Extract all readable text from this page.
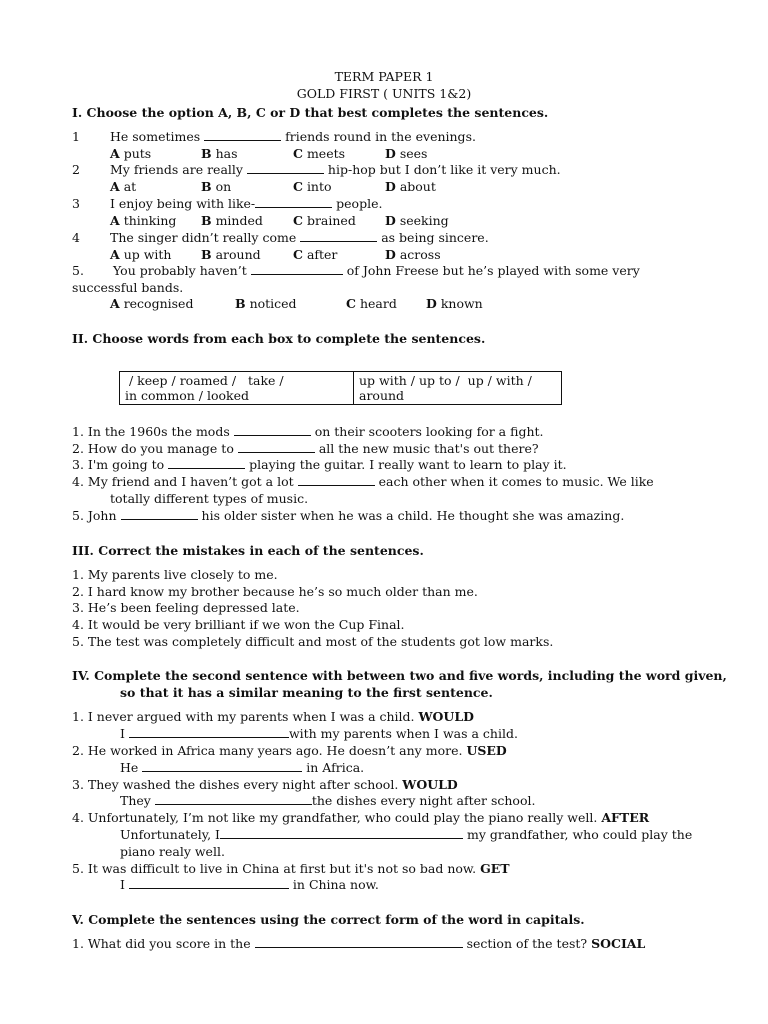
TERM PAPER 1
GOLD FIRST ( UNITS 1&2)
I. Choose the option A, B, C or D that best completes the sentences.
1 He sometimes	friends round in the evenings.
A puts	B has	C meets	D sees
2 My friends are really	hip-hop but I don’t like it very much.
A at	B on	C into	D about
3 I enjoy being with like-	people.
A thinking B minded C brained D seeking
4 The singer didn’t really come	as being sincere.
A up with B around	C after	D across
5. You probably haven’t	of John Freese but he’s played with some very
successful bands.
A recognised	B noticed	C heard D known
II. Choose words from each box to complete the sentences.
/ keep / roamed /   take /
in common / looked

up with / up to /  up / with /
around
1. In the 1960s the mods	on their scooters looking for a fight.
2. How do you manage to	all the new music that's out there?
3. I'm going to	playing the guitar. I really want to learn to play it.
4. My friend and I haven’t got a lot	each other when it comes to music. We like
totally different types of music.
5. John	his older sister when he was a child. He thought she was amazing.
III. Correct the mistakes in each of the sentences.
1. My parents live closely to me.
2. I hard know my brother because he’s so much older than me.
3. He’s been feeling depressed late.
4. It would be very brilliant if we won the Cup Final.
5. The test was completely difficult and most of the students got low marks.
IV. Complete the second sentence with between two and five words, including the word given,
so that it has a similar meaning to the first sentence.
1. I never argued with my parents when I was a child. WOULD
I	with my parents when I was a child.
2. He worked in Africa many years ago. He doesn’t any more. USED
He	in Africa.
3. They washed the dishes every night after school. WOULD
They	the dishes every night after school.
4. Unfortunately, I’m not like my grandfather, who could play the piano really well. AFTER
Unfortunately, I	my grandfather, who could play the
piano realy well.
5. It was difficult to live in China at first but it's not so bad now. GET
I	in China now.
V. Complete the sentences using the correct form of the word in capitals.
1. What did you score in the	section of the test? SOCIAL
